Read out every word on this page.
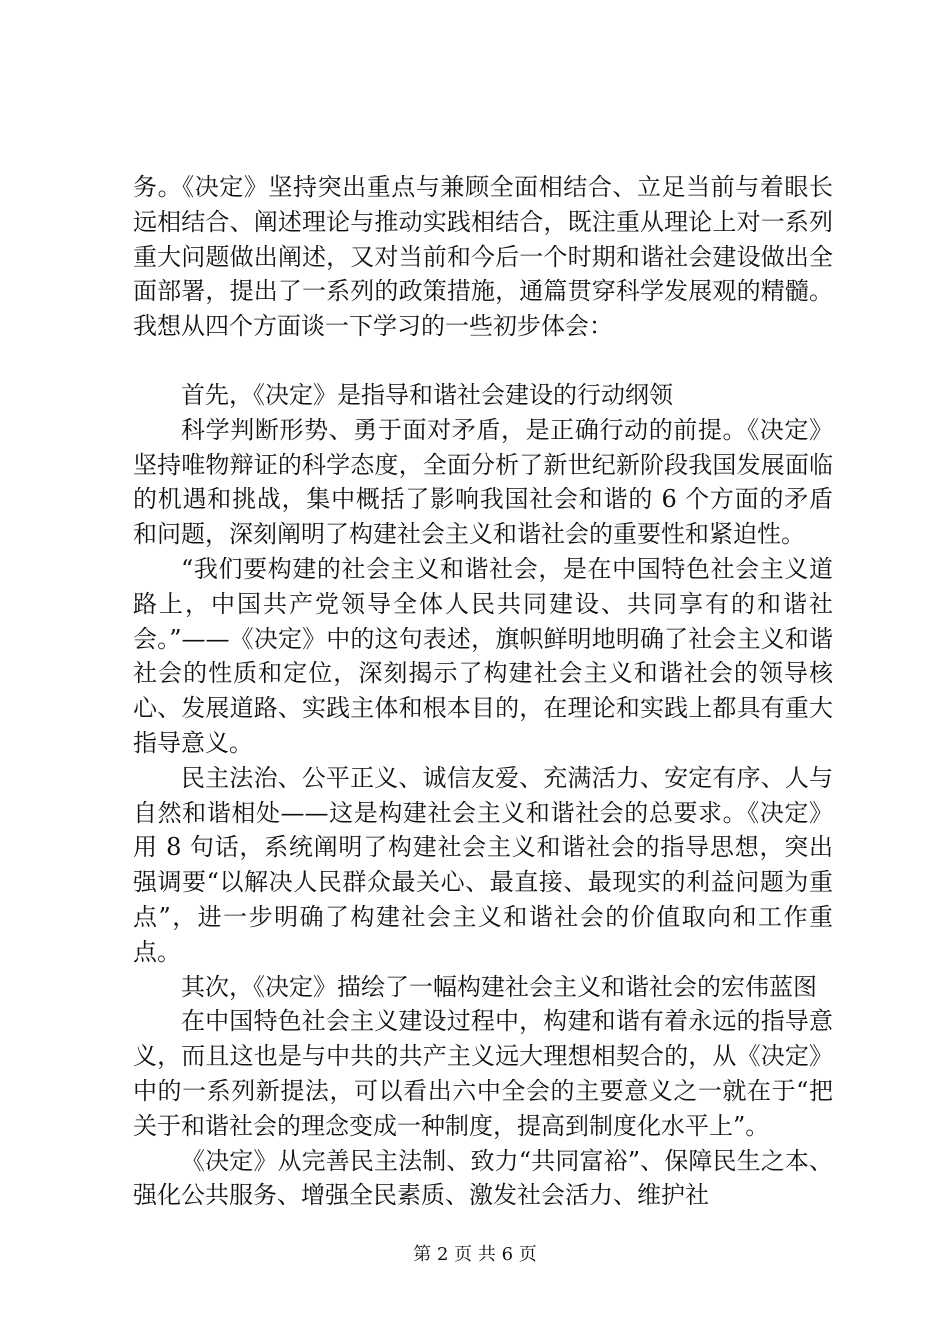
务。《决定》坚持突出重点与兼顾全面相结合、立足当前与着眼长远相结合、阐述理论与推动实践相结合，既注重从理论上对一系列重大问题做出阐述，又对当前和今后一个时期和谐社会建设做出全面部署，提出了一系列的政策措施，通篇贯穿科学发展观的精髓。我想从四个方面谈一下学习的一些初步体会：

首先，《决定》是指导和谐社会建设的行动纲领

科学判断形势、勇于面对矛盾，是正确行动的前提。《决定》坚持唯物辩证的科学态度，全面分析了新世纪新阶段我国发展面临的机遇和挑战，集中概括了影响我国社会和谐的 6 个方面的矛盾和问题，深刻阐明了构建社会主义和谐社会的重要性和紧迫性。

“我们要构建的社会主义和谐社会，是在中国特色社会主义道路上，中国共产党领导全体人民共同建设、共同享有的和谐社会。”——《决定》中的这句表述，旗帜鲜明地明确了社会主义和谐社会的性质和定位，深刻揭示了构建社会主义和谐社会的领导核心、发展道路、实践主体和根本目的，在理论和实践上都具有重大指导意义。

民主法治、公平正义、诚信友爱、充满活力、安定有序、人与自然和谐相处——这是构建社会主义和谐社会的总要求。《决定》用 8 句话，系统阐明了构建社会主义和谐社会的指导思想，突出强调要“以解决人民群众最关心、最直接、最现实的利益问题为重点”，进一步明确了构建社会主义和谐社会的价值取向和工作重点。

其次，《决定》描绘了一幅构建社会主义和谐社会的宏伟蓝图

在中国特色社会主义建设过程中，构建和谐有着永远的指导意义，而且这也是与中共的共产主义远大理想相契合的，从《决定》中的一系列新提法，可以看出六中全会的主要意义之一就在于“把关于和谐社会的理念变成一种制度，提高到制度化水平上”。

《决定》从完善民主法制、致力“共同富裕”、保障民生之本、强化公共服务、增强全民素质、激发社会活力、维护社

第 2 页 共 6 页
